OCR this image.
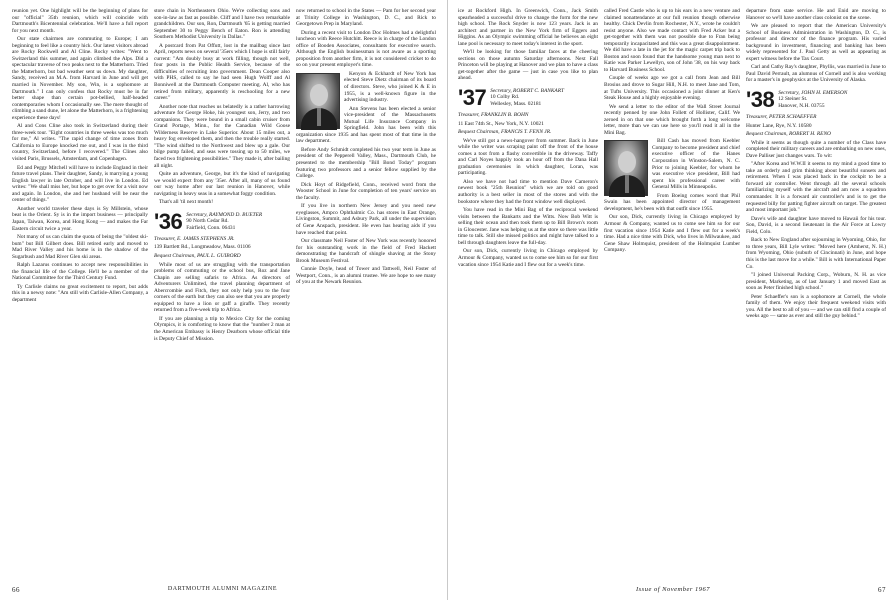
reunion yet. One highlight will be the beginning of plans for our "official" 35th reunion, which will coincide with Dartmouth's Bicentennial celebration. We'll have a full report for you next month.

Our state chairmen are commuting to Europe; I am beginning to feel like a country hick. Our latest visitors abroad are Rocky Rockwell and Al Cline. Rocky writes: "Went to Switzerland this summer, and again climbed the Alps. Did a spectacular traverse of two peaks next to the Matterhorn. Tried the Matterhorn, but bad weather sent us down. My daughter, Sandy, received an M.A. from Harvard in June and will get married in November. My son, Win, is a sophomore at Dartmouth." I can only confess that Rocky must be in far better shape than certain pot-bellied, half-headed contemporaries whom I occasionally see. The mere thought of climbing a sand dune, let alone the Matterhorn, is a frightening experience these days!

Al and Cons Cline also took in Switzerland during their three-week tour. "Eight countries in three weeks was too much for me," Al writes. "The rapid change of time zones from California to Europe knocked me out, and I was in the third country, Switzerland, before I recovered." The Clines also visited Paris, Brussels, Amsterdam, and Copenhagen.

Ed and Peggy Mitchell will have to include England in their future travel plans. Their daughter, Sandy, is marrying a young English lawyer in late October, and will live in London. Ed writes: "We shall miss her, but hope to get over for a visit now and again. In London, she and her husband will be near the center of things."

Another world traveler these days is Sy Millstein, whose beat is the Orient. Sy is in the import business — principally Japan, Taiwan, Korea, and Hong Kong — and makes the Far Eastern circuit twice a year.

Not many of us can claim the quota of being the "oldest ski-bum" but Bill Gilbert does. Bill retired early and moved to Mad River Valley and his home is in the shadow of the Sugarbush and Mad River Glen ski areas.

Ralph Lazarus continues to accept new responsibilities in the financial life of the College. He'll be a member of the National Committee for the Third Century Fund.

Ty Carlisle claims no great excitement to report, but adds this in a newsy note: "Am still with Carlisle-Allen Company, a department

store chain in Northeastern Ohio. We're collecting sons and son-in-law as fast as possible. Cliff and I have two remarkable grandchildren. Our son, Ron, Dartmouth '65 is getting married September 30 to Peggy Bench of Eaton. Ron is attending Southern Methodist University in Dallas."

A postcard from Pat Offutt, lost in the mailbag since last April, reports news on several '35ers which I hope is still fairly current: "Am doubly busy at work filling, though not well, four posts in the Public Health Service, because of the difficulties of recruiting into government. Dean Cooper also with PHS, called to say he had seen Hugh Wolff and Al Bonniwell at the Dartmouth Computer meeting. Al, who has retired from military, apparently is reschooling for a new career."

Another note that reaches us belatedly is a rather harrowing adventure for George Hoke, his youngest son, Jerry, and two companions. They were bound in a small cabin cruiser from Grand Portage, Minn., for the Canadian Wild Goose Wilderness Reserve in Lake Superior. About 15 miles out, a heavy fog enveloped them, and then the trouble really started. "The wind shifted to the Northwest and blew up a gale. Our bilge pump failed, and seas were tossing up to 50 miles, we faced two frightening possibilities." They made it, after bailing all night.

Quite an adventure, George, but it's the kind of navigating we would expect from any '35er. After all, many of us found our way home after our last reunion in Hanover, while navigating in heavy seas in a somewhat foggy condition.

That's all 'til next month!

'36 Secretary, RAYMOND D. BUETER
90 North Cedar Rd.
Fairfield, Conn. 06431

Treasurer, E. JAMES STEPHENS JR.

139 Bartlett Rd., Longmeadow, Mass. 01106

Bequest Chairman, PAUL L. GUIBORD

While most of us are struggling with the transportation problems of commuting or the school bus, Roz and Jane Chapin are selling safaris to Africa. As directors of Adventurers Unlimited, the travel planning department of Abercrombie and Fitch, they not only help you to the four corners of the earth but they can also see that you are properly equipped to have a lion or gaff a giraffe. They recently returned from a five-week trip to Africa.

If you are planning a trip to Mexico City for the coming Olympics, it is comforting to know that the "number 2 man at the American Embassy is Henry Dearborn whose official title is Deputy Chief of Mission.

now returned to school in the States — Pam for her second year at Trinity College in Washington, D. C., and Rick to Georgetown Prep in Maryland.

During a recent visit to London Doc Holmes had a delightful luncheon with Reece Hutchitt. Reece is in charge of the London office of Booden Associates, consultants for executive search. Although the English businessman is not aware as a sporting proposition from another firm, it is not considered cricket to do so on your present employer's time.

Kenyon & Eckhardt of New York has elected Steve Dietz chairman of its board of directors. Steve, who joined K & E in 1955, is a well-known figure in the advertising industry.

Ann Stevens has been elected a senior vice-president of the Massachusetts Mutual Life Insurance Company in Springfield. John has been with this organization since 1935 and has spent most of that time in the law department.

Before Andy Schmidt completed his two year term in June as president of the Pepperell Valley, Mass., Dartmouth Club, he presented to the membership "Bill Bond Today" program featuring two professors and a senior fellow supplied by the College.

Dick Hoyt of Ridgefield, Conn., received word from the Wooster School in June for completion of ten years' service on the faculty.

If you live in northern New Jersey and you need new eyeglasses, Ampco Ophthalmic Co. has stores in East Orange, Livingston, Summit, and Asbury Park, all under the supervision of Gene Anspach, president. He even has hearing aids if you have reached that point.

Our classmate Neil Foster of New York was recently honored for his outstanding work in the field of Fred Hackett demonstrating the handcraft of shingle shaving at the Stony Brook Museum Festival.

Connie Doyle, head of Tower and Tattwell, Neil Foster of Westport, Conn., is an alumni trustee. We are hope to see many of you at the Newark Reunion.

66	DARTMOUTH ALUMNI MAGAZINE

ice at Rockford High. In Greenwich, Conn., Jack Smith spearheaded a successful drive to change the form for the new high school. The Rock Snyder is now 123 years. Jack is an architect and partner in the New York firm of Eggers and Higgins. As an Olympic swimming official he believes an eight lane pool is necessary to meet today's interest in the sport.

We'll be looking for those familiar faces at the cheering sections on those autumn Saturday afternoons. Next Fall Princeton will be playing at Hanover and we plan to have a class get-together after the game — just in case you like to plan ahead.

'37 Secretary, ROBERT C. BANKART
10 Colby Rd.
Wellesley, Mass. 02181

Treasurer, FRANKLIN B. BOHN

11 East 74th St., New York, N.Y. 10021

Bequest Chairman, FRANCIS T. FENN JR.

We've still got a news-hangover from summer. Back in June while the writer was scraping paint off the front of the house comes a toot from a flashy convertible in the driveway. Taffy and Carl Noyes happily took an hour off from the Dana Hall graduation ceremonies in which daughter, Loran, was participating.

Also we have not had time to mention Dave Cameron's newest book "25th Reunion" which we are told on good authority is a best seller in most of the stores and with the bookstore where they had the front window well displayed.

You have read in the Mini Bag of the reciprocal weekend visits between the Bankarts and the Witts. Now Bob Witt is selling their ocean and then took them up to Bill Brown's room in Gloucester. Jane was helping us at the store so there was little time to talk. Still she missed politics and might have talked to a bell through daughters leave the full-day.

Our son, Dick, currently living in Chicago employed by Armour & Company, wanted us to come see him so for our first vacation since 1954 Katie and I flew out for a week's time.

called Fred Castle who is up to his ears in a new venture and claimed nonattendance at our full reunion though otherwise healthy. Chick Devlin from Rochester, N.Y., wrote he couldn't resist anyone. Also we made contact with Fred Acker but a get-together with them was not possible due to Fran being temporarily incapacitated and this was a great disappointment. We did have a late in the jet for the magic carpet trip back to Boston and soon found that the handsome young man next to Katie was Parker Lewellyn, son of John '38, on his way back to Harvard Business School.

Couple of weeks ago we got a call from Jean and Bill Brosius and drove to Sugar Hill, N.H. to meet Jane and Tom, at Tufts University. This occasioned a joint dinner at Ken's Steak House and a highly enjoyable evening.

We send a letter to the editor of the Wall Street Journal recently penned by one John Follett of Hollister, Calif. We zeroed in on that one which brought forth a long welcome letter, more than we can use here so you'll read it all in the Mini Bag.

Bill Cash has moved from Keebler Company to become president and chief executive officer of the Hanes Corporation in Winston-Salem, N. C. Prior to joining Keebler, for whom he was executive vice president, Bill had spent his professional career with General Mills in Minneapolis.

From Boeing comes word that Phil Swain has been appointed director of management development, he's been with that outfit since 1955.

Our son, Dick, currently living in Chicago employed by Armour & Company, wanted us to come see him so for our first vacation since 1954 Katie and I flew out for a week's time. Had a nice time with Dick, who lives in Milwaukee, and Gene Shaw Holmquist, president of the Holmquist Lumber Company.

departure from state service. He and Enid are moving to Hanover so we'll have another class colonist on the scene.

We are pleased to report that the American University's School of Business Administration in Washington, D. C., is professor and director of the finance program. His varied background in investment, financing and banking has been widely represented for J. Paul Getty as well as appearing as expert witness before the Tax Court.

Carl and Cathy Ray's daughter, Phyllis, was married in June to Paul David Perrault, an alumnus of Cornell and is also working for a master's in geophysics at the University of Alaska.

'38 Secretary, JOHN H. EMERSON
12 Steiner St.
Hanover, N.H. 03755

Treasurer, PETER SCHAEFFER

Hunter Lane, Rye, N.Y. 10580

Bequest Chairman, ROBERT H. RENO

While it seems as though quite a number of the Class have completed their military careers and are embarking on new ones, Dave Palliser just changes wars. To wit:

"After Korea and W.W.II it seems to my mind a good time to take an orderly and grim thinking about beautiful sunsets and retirement. When I was placed back in the cockpit to be a forward air controller. Went through all the several schools familiarizing myself with the aircraft and am now a squadron commander. It is a forward air controller's and is to get the requested billy for patting fighter aircraft on target. The greatest and most important job."

Dave's wife and daughter have moved to Hawaii for his tour. Son, David, is a second lieutenant in the Air Force at Lowry Field, Colo.

Back to New England after sojourning in Wyoming, Ohio, for to three years, Bill Lyle writes: "Moved here (Amherst, N. H.) from Wyoming, Ohio (suburb of Cincinnati) in June, and hope this is the last move for a while." Bill is with International Paper Co.

"I joined Universal Packing Corp., Woburn, N. H. as vice president, Marketing, as of last January 1 and moved East as soon as Peter finished high school."

Peter Schaeffer's son is a sophomore at Cornell, the whole family of them. We enjoy their frequent weekend visits with you. All the best to all of you — and we can still find a couple of weeks ago — same as ever and still the guy behind."

Issue of November 1967	67
